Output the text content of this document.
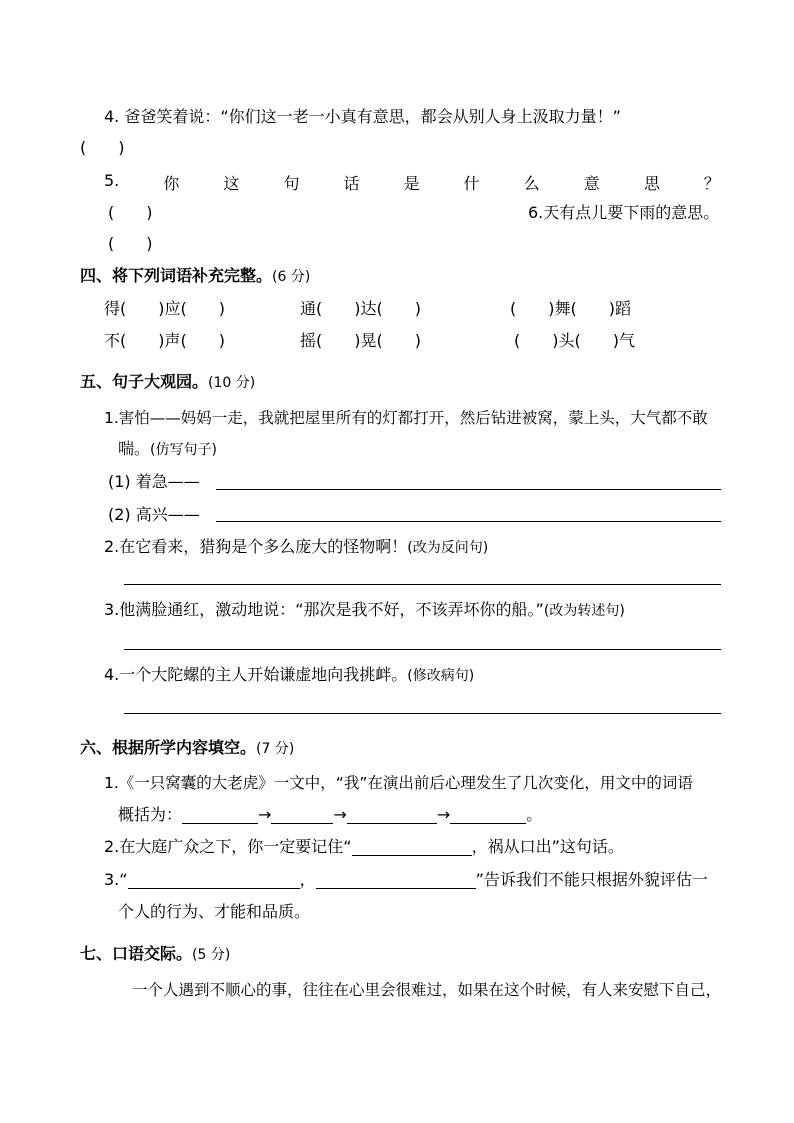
4. 爸爸笑着说：“你们这一老一小真有意思，都会从别人身上汲取力量！”
(　　)
5.	你	这	句	话	是	什	么	意	思	？
(　　)	6.天有点儿要下雨的意思。
(　　)
四、将下列词语补充完整。(6 分)
得(　　)应(　　)	通(　　)达(　　)	(　　)舞(　　)蹈
不(　　)声(　　)	摇(　　)晃(　　)	(　　)头(　　)气
五、句子大观园。(10 分)
1.害怕——妈妈一走，我就把屋里所有的灯都打开，然后钻进被窝，蒙上头，大气都不敢
喘。(仿写句子)
(1) 着急——
(2) 高兴——
2.在它看来，猎狗是个多么庞大的怪物啊！(改为反问句)
3.他满脸通红，激动地说：“那次是我不好，不该弄坏你的船。”(改为转述句)
4.一个大陀螺的主人开始谦虚地向我挑衅。(修改病句)
六、根据所学内容填空。(7 分)
1.《一只窝囊的大老虎》一文中，“我”在演出前后心理发生了几次变化，用文中的词语
概括为：	→	→	→	。
2.在大庭广众之下，你一定要记住“	，祸从口出”这句话。
3.“	，	”告诉我们不能只根据外貌评估一
个人的行为、才能和品质。
七、口语交际。(5 分)
一个人遇到不顺心的事，往往在心里会很难过，如果在这个时候，有人来安慰下自己，
